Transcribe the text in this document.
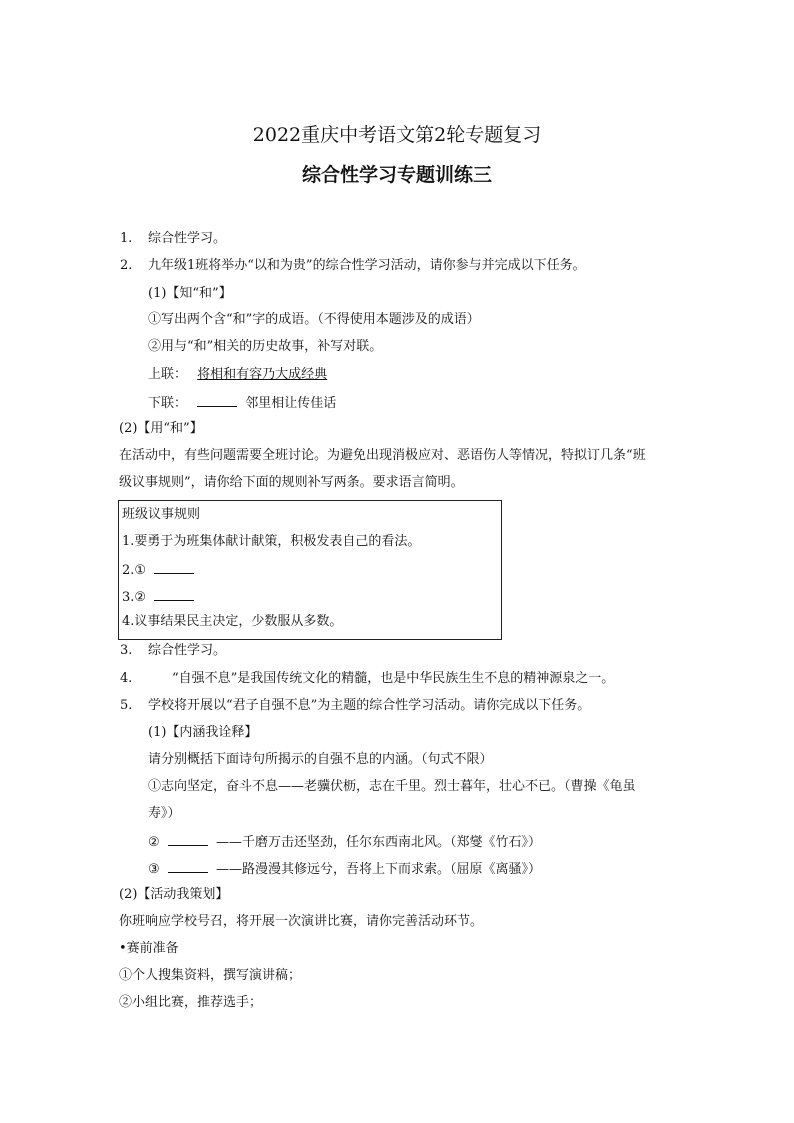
2022重庆中考语文第2轮专题复习
综合性学习专题训练三
1. 综合性学习。
2. 九年级1班将举办“以和为贵”的综合性学习活动，请你参与并完成以下任务。
(1)【知“和”】
①写出两个含“和”字的成语。（不得使用本题涉及的成语）
②用与“和”相关的历史故事，补写对联。
上联： 将相和有容乃大成经典
下联：	邻里相让传佳话
(2)【用“和”】
在活动中，有些问题需要全班讨论。为避免出现消极应对、恶语伤人等情况，特拟订几条“班
级议事规则”，请你给下面的规则补写两条。要求语言简明。
班级议事规则
1.要勇于为班集体献计献策，积极发表自己的看法。
2.①
3.②
4.议事结果民主决定，少数服从多数。
3. 综合性学习。
4.	“自强不息”是我国传统文化的精髓，也是中华民族生生不息的精神源泉之一。
5. 学校将开展以“君子自强不息”为主题的综合性学习活动。请你完成以下任务。
(1)【内涵我诠释】
请分别概括下面诗句所揭示的自强不息的内涵。（句式不限）
①志向坚定，奋斗不息——老骥伏枥，志在千里。烈士暮年，壮心不已。（曹操《龟虽
寿》）
②	——千磨万击还坚劲，任尔东西南北风。（郑燮《竹石》）
③	——路漫漫其修远兮，吾将上下而求索。（屈原《离骚》）
(2)【活动我策划】
你班响应学校号召，将开展一次演讲比赛，请你完善活动环节。
•赛前准备
①个人搜集资料，撰写演讲稿；
②小组比赛，推荐选手；
